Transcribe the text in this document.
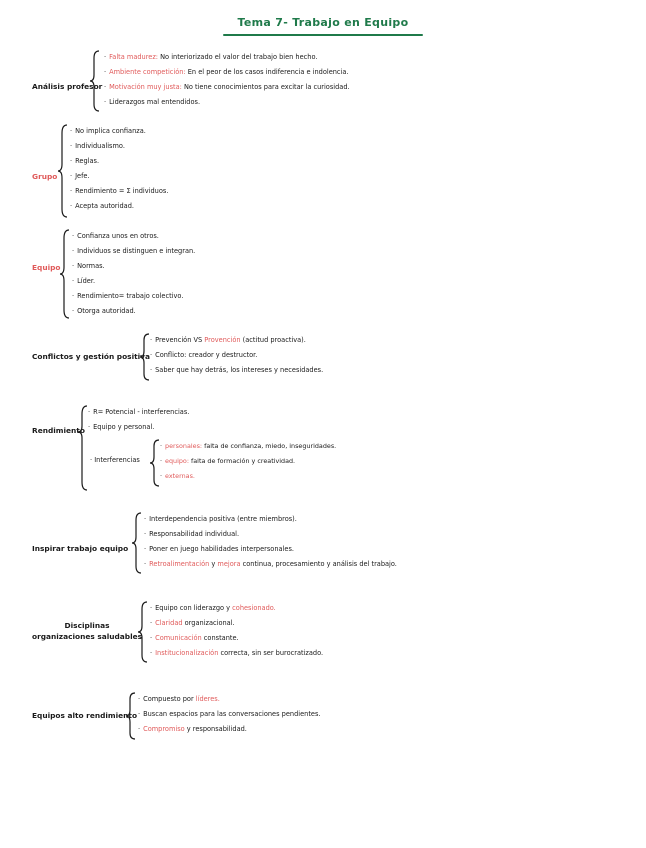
Tema 7- Trabajo en Equipo
Análisis profesor
· Falta madurez: No interiorizado el valor del trabajo bien hecho.
· Ambiente competición: En el peor de los casos indiferencia e indolencia.
· Motivación muy justa: No tiene conocimientos para excitar la curiosidad.
· Liderazgos mal entendidos.
Grupo
· No implica confianza.
· Individualismo.
· Reglas.
· Jefe.
· Rendimiento = Σ individuos.
· Acepta autoridad.
Equipo
· Confianza unos en otros.
· Individuos se distinguen e integran.
· Normas.
· Líder.
· Rendimiento= trabajo colectivo.
· Otorga autoridad.
Conflictos y gestión positiva
· Prevención VS Provención (actitud proactiva).
· Conflicto: creador y destructor.
· Saber que hay detrás, los intereses y necesidades.
Rendimiento
· R= Potencial - interferencias.
· Equipo y personal.
· Interferencias
· personales: falta de confianza, miedo, inseguridades.
· equipo: falta de formación y creatividad.
· externas.
Inspirar trabajo equipo
· Interdependencia positiva (entre miembros).
· Responsabilidad individual.
· Poner en juego habilidades interpersonales.
· Retroalimentación y mejora continua, procesamiento y análisis del trabajo.
Disciplinas organizaciones saludables
· Equipo con liderazgo y cohesionado.
· Claridad organizacional.
· Comunicación constante.
· Institucionalización correcta, sin ser burocratizado.
Equipos alto rendimiento
· Compuesto por líderes.
· Buscan espacios para las conversaciones pendientes.
· Compromiso y responsabilidad.
